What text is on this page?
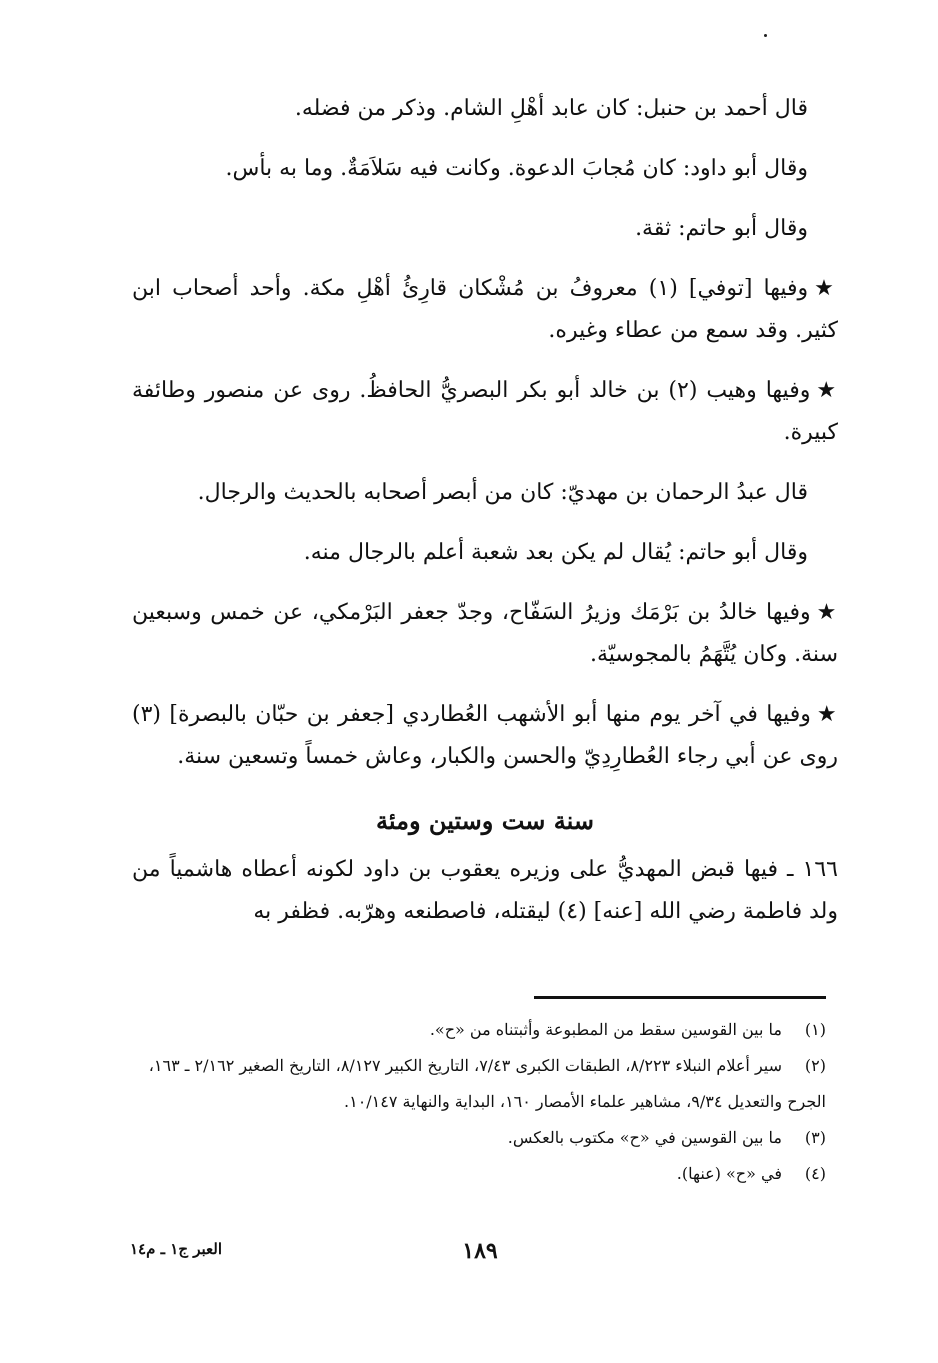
قال أحمد بن حنبل: كان عابد أهْلِ الشام. وذكر من فضله.

وقال أبو داود: كان مُجابَ الدعوة. وكانت فيه سَلاَمَةٌ. وما به بأس.

وقال أبو حاتم: ثقة.

★وفيها [توفي] (١) معروفُ بن مُشْكان قارِئُ أهْلِ مكة. وأحد أصحاب ابن كثير. وقد سمع من عطاء وغيره.

★وفيها وهيب (٢) بن خالد أبو بكر البصريُّ الحافظُ. روى عن منصور وطائفة كبيرة.

قال عبدُ الرحمان بن مهديّ: كان من أبصر أصحابه بالحديث والرجال.

وقال أبو حاتم: يُقال لم يكن بعد شعبة أعلم بالرجال منه.

★وفيها خالدُ بن بَرْمَك وزيرُ السَفّاح، وجدّ جعفر البَرْمكي، عن خمس وسبعين سنة. وكان يُتَّهَمُ بالمجوسيّة.

★وفيها في آخر يوم منها أبو الأشهب العُطاردي [جعفر بن حبّان بالبصرة] (٣) روى عن أبي رجاء العُطارِدِيّ والحسن والكبار، وعاش خمساً وتسعين سنة.

سنة ست وستين ومئة

١٦٦ ـ فيها قبض المهديُّ على وزيره يعقوب بن داود لكونه أعطاه هاشمياً من ولد فاطمة رضي الله [عنه] (٤) ليقتله، فاصطنعه وهرّبه. فظفر به

(١)ما بين القوسين سقط من المطبوعة وأثبتناه من «ح».

(٢)سير أعلام النبلاء ٨/٢٢٣، الطبقات الكبرى ٧/٤٣، التاريخ الكبير ٨/١٢٧، التاريخ الصغير ٢/١٦٢ ـ ١٦٣، الجرح والتعديل ٩/٣٤، مشاهير علماء الأمصار ١٦٠، البداية والنهاية ١٠/١٤٧.

(٣)ما بين القوسين في «ح» مكتوب بالعكس.

(٤)في «ح» (عنها).

١٨٩
العبر ج١ ـ م١٤
